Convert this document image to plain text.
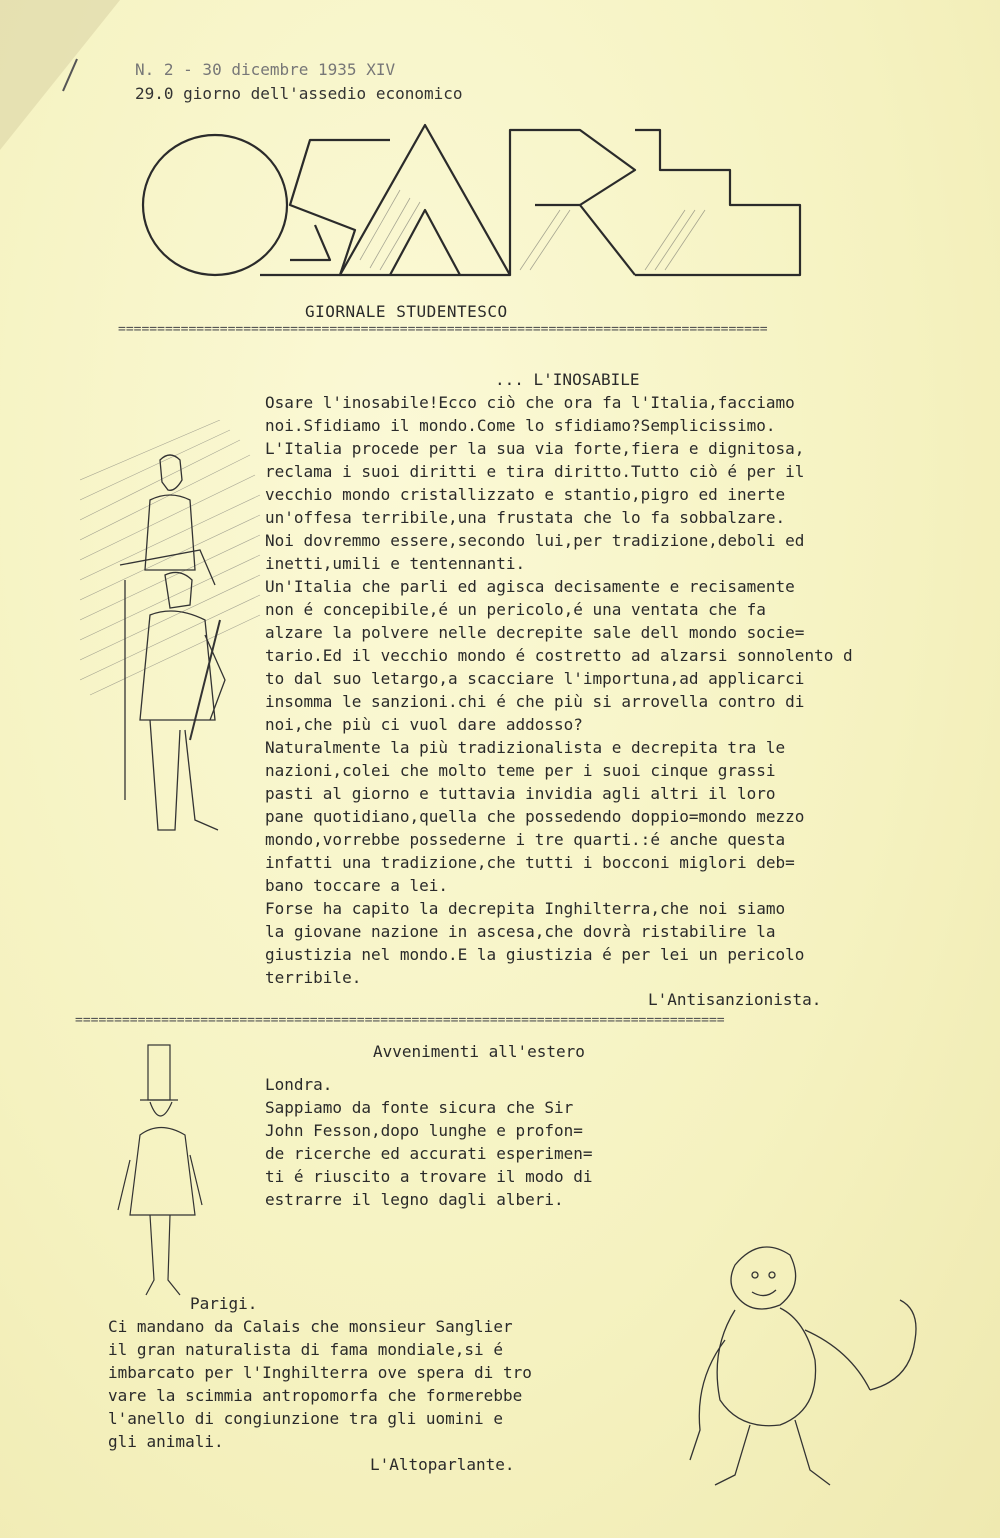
N. 2 - 30 dicembre 1935 XIV
29.0 giorno dell'assedio economico
GIORNALE STUDENTESCO
===================================================================================
... L'INOSABILE
Osare l'inosabile!Ecco ciò che ora fa l'Italia,facciamo
noi.Sfidiamo il mondo.Come lo sfidiamo?Semplicissimo.
L'Italia procede per la sua via forte,fiera e dignitosa,
reclama i suoi diritti e tira diritto.Tutto ciò é per il
vecchio mondo cristallizzato e stantio,pigro ed inerte
un'offesa terribile,una frustata che lo fa sobbalzare.
Noi dovremmo essere,secondo lui,per tradizione,deboli ed
inetti,umili e tentennanti.
Un'Italia che parli ed agisca decisamente e recisamente
non é concepibile,é un pericolo,é una ventata che fa
alzare la polvere nelle decrepite sale dell mondo socie=
tario.Ed il vecchio mondo é costretto ad alzarsi sonnolento d
to dal suo letargo,a scacciare l'importuna,ad applicarci
insomma le sanzioni.chi é che più si arrovella contro di
noi,che più ci vuol dare addosso?
Naturalmente la più tradizionalista e decrepita tra le
nazioni,colei che molto teme per i suoi cinque grassi
pasti al giorno e tuttavia invidia agli altri il loro
pane quotidiano,quella che possedendo doppio=mondo mezzo
mondo,vorrebbe possederne i tre quarti.:é anche questa
infatti una tradizione,che tutti i bocconi miglori deb=
bano toccare a lei.
Forse ha capito la decrepita Inghilterra,che noi siamo
la giovane nazione in ascesa,che dovrà ristabilire la
giustizia nel mondo.E la giustizia é per lei un pericolo
terribile.
L'Antisanzionista.
===================================================================================
Avvenimenti all'estero
Londra.
Sappiamo da fonte sicura che Sir
John Fesson,dopo lunghe e profon=
de ricerche ed accurati esperimen=
ti é riuscito a trovare il modo di
estrarre il legno dagli alberi.
Parigi.
Ci mandano da Calais che monsieur Sanglier
il gran naturalista di fama mondiale,si é
imbarcato per l'Inghilterra ove spera di tro
vare la scimmia antropomorfa che formerebbe
l'anello di congiunzione tra gli uomini e
gli animali.
L'Altoparlante.
